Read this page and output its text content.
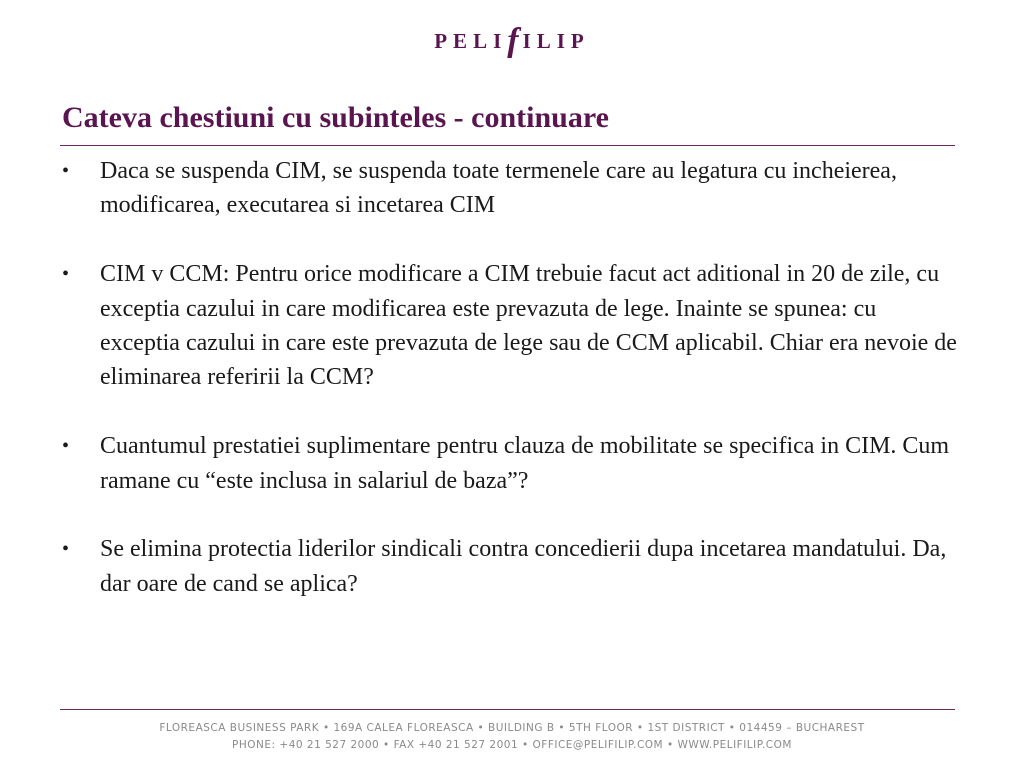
PELIfILIP
Cateva chestiuni cu subinteles - continuare
•	Daca se suspenda CIM, se suspenda toate termenele care au legatura cu incheierea, modificarea, executarea si incetarea CIM
•	CIM v CCM: Pentru orice modificare a CIM trebuie facut act aditional in 20 de zile, cu exceptia cazului in care modificarea este prevazuta de lege. Inainte se spunea: cu exceptia cazului in care este prevazuta de lege sau de CCM aplicabil. Chiar era nevoie de eliminarea referirii la CCM?
•	Cuantumul prestatiei suplimentare pentru clauza de mobilitate se specifica in CIM. Cum ramane cu “este inclusa in salariul de baza”?
•	Se elimina protectia liderilor sindicali contra concedierii dupa incetarea mandatului. Da, dar oare de cand se aplica?
FLOREASCA BUSINESS PARK • 169A CALEA FLOREASCA • BUILDING B • 5TH FLOOR • 1ST DISTRICT • 014459 – BUCHAREST
PHONE: +40 21 527 2000 • FAX +40 21 527 2001 • OFFICE@PELIFILIP.COM • WWW.PELIFILIP.COM
